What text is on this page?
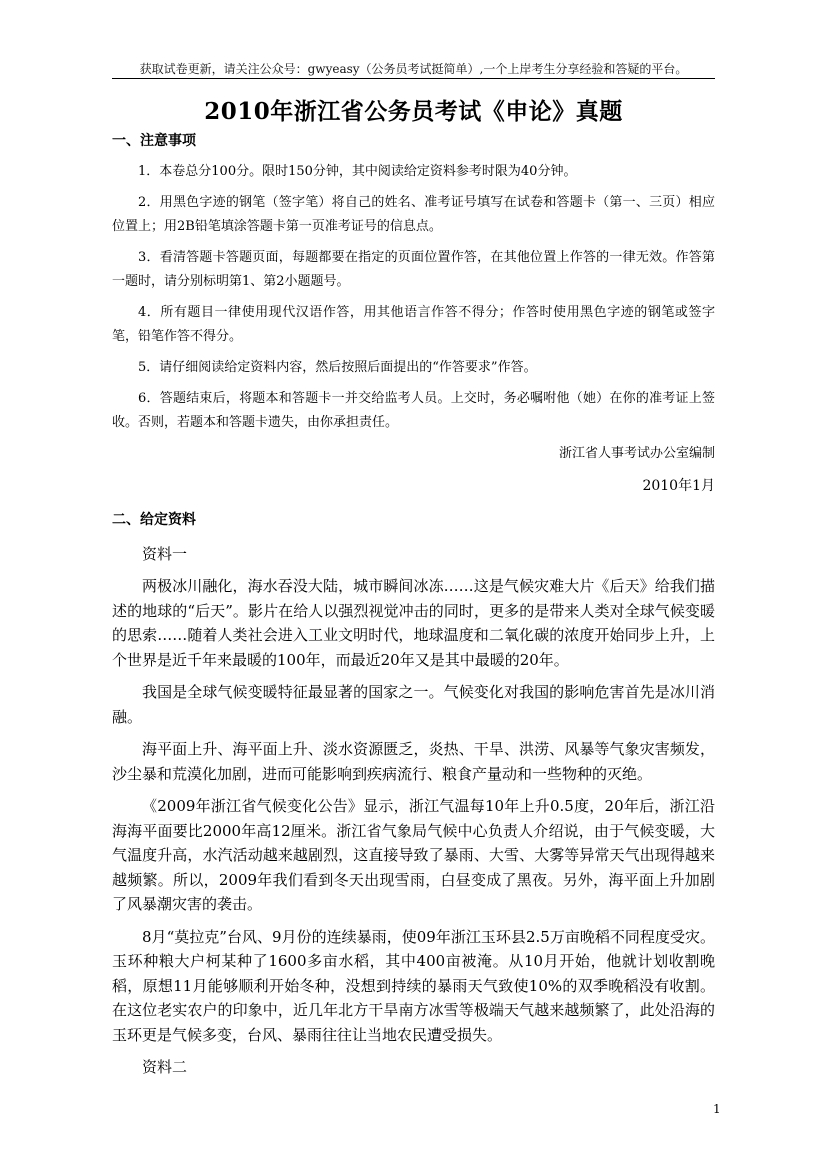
获取试卷更新，请关注公众号：gwyeasy（公务员考试挺简单）,一个上岸考生分享经验和答疑的平台。
2010年浙江省公务员考试《申论》真题

一、注意事项

1．本卷总分100分。限时150分钟，其中阅读给定资料参考时限为40分钟。

2．用黑色字迹的钢笔（签字笔）将自己的姓名、准考证号填写在试卷和答题卡（第一、三页）相应位置上；用2B铅笔填涂答题卡第一页准考证号的信息点。

3．看清答题卡答题页面，每题都要在指定的页面位置作答，在其他位置上作答的一律无效。作答第一题时，请分别标明第1、第2小题题号。

4．所有题目一律使用现代汉语作答，用其他语言作答不得分；作答时使用黑色字迹的钢笔或签字笔，铅笔作答不得分。

5．请仔细阅读给定资料内容，然后按照后面提出的“作答要求”作答。

6．答题结束后，将题本和答题卡一并交给监考人员。上交时，务必嘱咐他（她）在你的准考证上签收。否则，若题本和答题卡遗失，由你承担责任。

浙江省人事考试办公室编制
2010年1月

二、给定资料

资料一

两极冰川融化，海水吞没大陆，城市瞬间冰冻……这是气候灾难大片《后天》给我们描述的地球的“后天”。影片在给人以强烈视觉冲击的同时，更多的是带来人类对全球气候变暖的思索……随着人类社会进入工业文明时代，地球温度和二氧化碳的浓度开始同步上升，上个世界是近千年来最暖的100年，而最近20年又是其中最暖的20年。

我国是全球气候变暖特征最显著的国家之一。气候变化对我国的影响危害首先是冰川消融。

海平面上升、海平面上升、淡水资源匮乏，炎热、干旱、洪涝、风暴等气象灾害频发，沙尘暴和荒漠化加剧，进而可能影响到疾病流行、粮食产量动和一些物种的灭绝。

《2009年浙江省气候变化公告》显示，浙江气温每10年上升0.5度，20年后，浙江沿海海平面要比2000年高12厘米。浙江省气象局气候中心负责人介绍说，由于气候变暖，大气温度升高，水汽活动越来越剧烈，这直接导致了暴雨、大雪、大雾等异常天气出现得越来越频繁。所以，2009年我们看到冬天出现雪雨，白昼变成了黑夜。另外，海平面上升加剧了风暴潮灾害的袭击。

8月“莫拉克”台风、9月份的连续暴雨，使09年浙江玉环县2.5万亩晚稻不同程度受灾。玉环种粮大户柯某种了1600多亩水稻，其中400亩被淹。从10月开始，他就计划收割晚稻，原想11月能够顺利开始冬种，没想到持续的暴雨天气致使10%的双季晚稻没有收割。在这位老实农户的印象中，近几年北方干旱南方冰雪等极端天气越来越频繁了，此处沿海的玉环更是气候多变，台风、暴雨往往让当地农民遭受损失。

资料二

1
